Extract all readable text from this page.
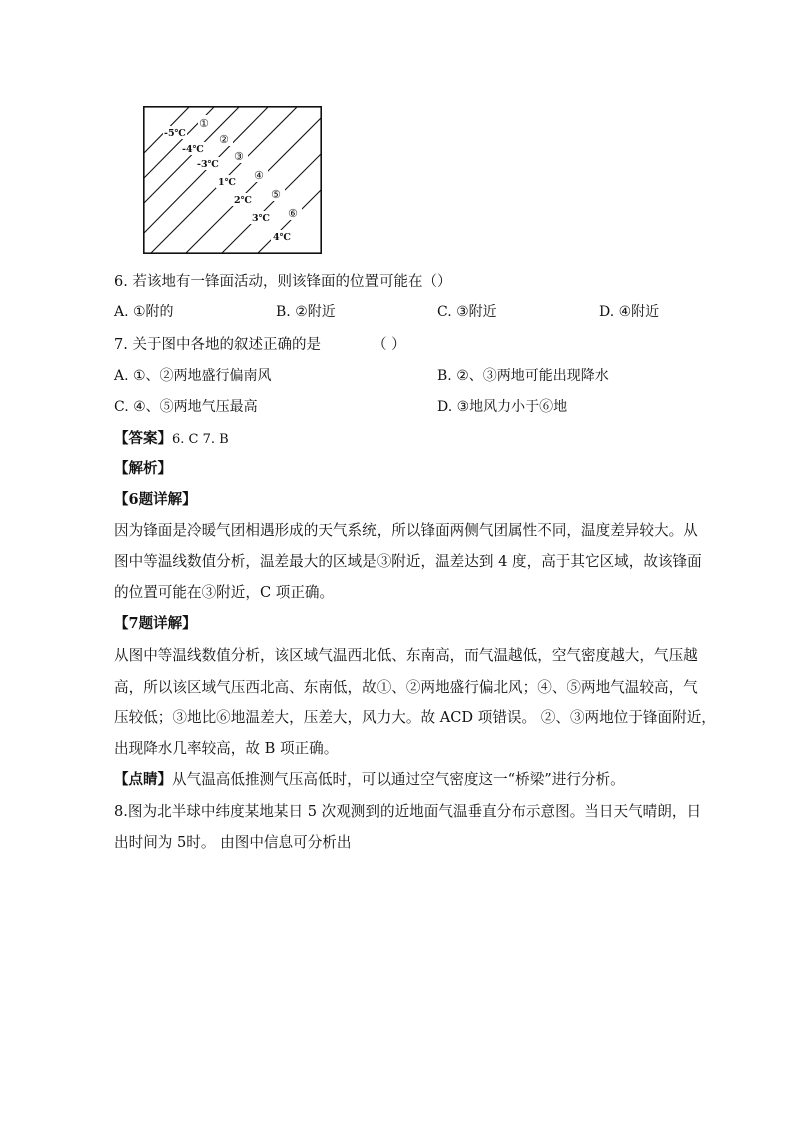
-5℃
-4℃
-3℃
1℃
2℃
3℃
4℃
①
②
③
④
⑤
⑥
6. 若该地有一锋面活动，则该锋面的位置可能在（）
A. ①附的	B. ②附近	C. ③附近	D. ④附近
7. 关于图中各地的叙述正确的是	（ ）
A. ①、②两地盛行偏南风	B. ②、③两地可能出现降水
C. ④、⑤两地气压最高	D. ③地风力小于⑥地
【答案】6. C 7. B
【解析】
【6题详解】
因为锋面是冷暖气团相遇形成的天气系统，所以锋面两侧气团属性不同，温度差异较大。从
图中等温线数值分析，温差最大的区域是③附近，温差达到 4 度，高于其它区域，故该锋面
的位置可能在③附近，C 项正确。
【7题详解】
从图中等温线数值分析，该区域气温西北低、东南高，而气温越低，空气密度越大，气压越
高，所以该区域气压西北高、东南低，故①、②两地盛行偏北风；④、⑤两地气温较高，气
压较低；③地比⑥地温差大，压差大，风力大。故 ACD 项错误。 ②、③两地位于锋面附近，
出现降水几率较高，故 B 项正确。
【点睛】从气温高低推测气压高低时，可以通过空气密度这一“桥梁”进行分析。
8.图为北半球中纬度某地某日 5 次观测到的近地面气温垂直分布示意图。当日天气晴朗，日
出时间为 5时。 由图中信息可分析出
